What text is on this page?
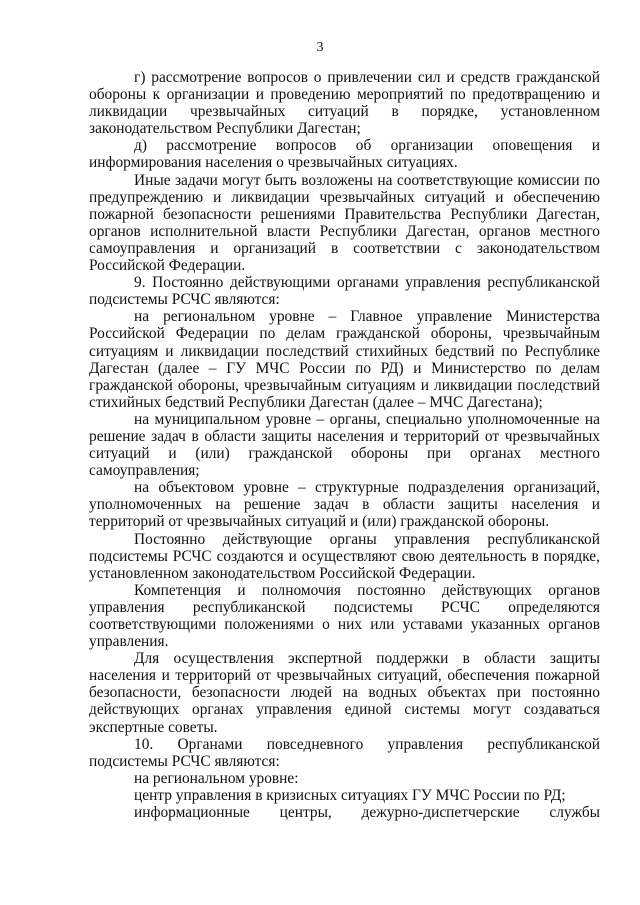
3

г) рассмотрение вопросов о привлечении сил и средств гражданской обороны к организации и проведению мероприятий по предотвращению и ликвидации чрезвычайных ситуаций в порядке, установленном законодательством Республики Дагестан;

д) рассмотрение вопросов об организации оповещения и информирования населения о чрезвычайных ситуациях.

Иные задачи могут быть возложены на соответствующие комиссии по предупреждению и ликвидации чрезвычайных ситуаций и обеспечению пожарной безопасности решениями Правительства Республики Дагестан, органов исполнительной власти Республики Дагестан, органов местного самоуправления и организаций в соответствии с законодательством Российской Федерации.

9. Постоянно действующими органами управления республиканской подсистемы РСЧС являются:

на региональном уровне – Главное управление Министерства Российской Федерации по делам гражданской обороны, чрезвычайным ситуациям и ликвидации последствий стихийных бедствий по Республике Дагестан (далее – ГУ МЧС России по РД) и Министерство по делам гражданской обороны, чрезвычайным ситуациям и ликвидации последствий стихийных бедствий Республики Дагестан (далее – МЧС Дагестана);

на муниципальном уровне – органы, специально уполномоченные на решение задач в области защиты населения и территорий от чрезвычайных ситуаций и (или) гражданской обороны при органах местного самоуправления;

на объектовом уровне – структурные подразделения организаций, уполномоченных на решение задач в области защиты населения и территорий от чрезвычайных ситуаций и (или) гражданской обороны.

Постоянно действующие органы управления республиканской подсистемы РСЧС создаются и осуществляют свою деятельность в порядке, установленном законодательством Российской Федерации.

Компетенция и полномочия постоянно действующих органов управления республиканской подсистемы РСЧС определяются соответствующими положениями о них или уставами указанных органов управления.

Для осуществления экспертной поддержки в области защиты населения и территорий от чрезвычайных ситуаций, обеспечения пожарной безопасности, безопасности людей на водных объектах при постоянно действующих органах управления единой системы могут создаваться экспертные советы.

10. Органами повседневного управления республиканской подсистемы РСЧС являются:

на региональном уровне:

центр управления в кризисных ситуациях ГУ МЧС России по РД;

информационные центры, дежурно-диспетчерские службы
